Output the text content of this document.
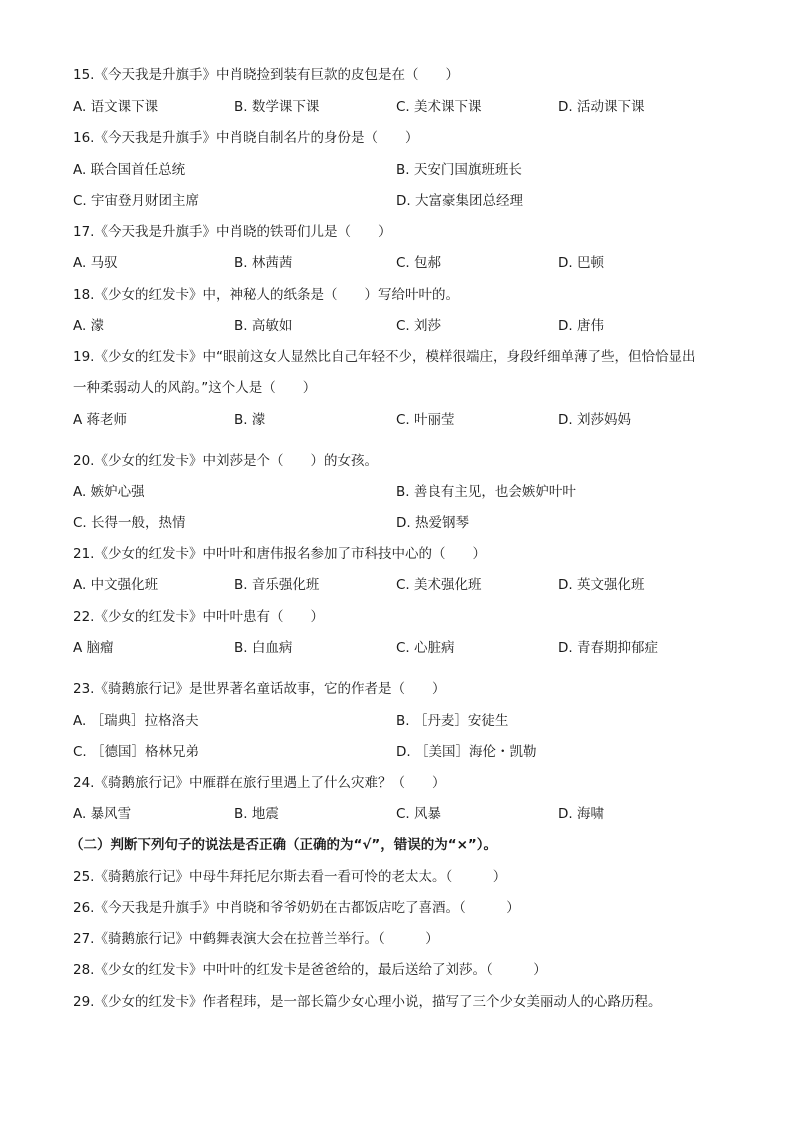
15.《今天我是升旗手》中肖晓捡到装有巨款的皮包是在（　　）
A. 语文课下课	B. 数学课下课	C. 美术课下课	D. 活动课下课
16.《今天我是升旗手》中肖晓自制名片的身份是（　　）
A. 联合国首任总统	B. 天安门国旗班班长
C. 宇宙登月财团主席	D. 大富豪集团总经理
17.《今天我是升旗手》中肖晓的铁哥们儿是（　　）
A. 马驭	B. 林茜茜	C. 包郝	D. 巴顿
18.《少女的红发卡》中，神秘人的纸条是（　　）写给叶叶的。
A. 濛	B. 高敏如	C. 刘莎	D. 唐伟
19.《少女的红发卡》中“眼前这女人显然比自己年轻不少，模样很端庄，身段纤细单薄了些，但恰恰显出
一种柔弱动人的风韵。”这个人是（　　）
A 蒋老师	B. 濛	C. 叶丽莹	D. 刘莎妈妈
20.《少女的红发卡》中刘莎是个（　　）的女孩。
A. 嫉妒心强	B. 善良有主见，也会嫉妒叶叶
C. 长得一般，热情	D. 热爱钢琴
21.《少女的红发卡》中叶叶和唐伟报名参加了市科技中心的（　　）
A. 中文强化班	B. 音乐强化班	C. 美术强化班	D. 英文强化班
22.《少女的红发卡》中叶叶患有（　　）
A 脑瘤	B. 白血病	C. 心脏病	D. 青春期抑郁症
23.《骑鹅旅行记》是世界著名童话故事，它的作者是（　　）
A. ［瑞典］拉格洛夫	B. ［丹麦］安徒生
C. ［德国］格林兄弟	D. ［美国］海伦・凯勒
24.《骑鹅旅行记》中雁群在旅行里遇上了什么灾难？（　　）
A. 暴风雪	B. 地震	C. 风暴	D. 海啸
（二）判断下列句子的说法是否正确（正确的为“√”，错误的为“×”）。
25.《骑鹅旅行记》中母牛拜托尼尔斯去看一看可怜的老太太。（　　　）
26.《今天我是升旗手》中肖晓和爷爷奶奶在古都饭店吃了喜酒。（　　　）
27.《骑鹅旅行记》中鹤舞表演大会在拉普兰举行。（　　　）
28.《少女的红发卡》中叶叶的红发卡是爸爸给的，最后送给了刘莎。（　　　）
29.《少女的红发卡》作者程玮，是一部长篇少女心理小说，描写了三个少女美丽动人的心路历程。
